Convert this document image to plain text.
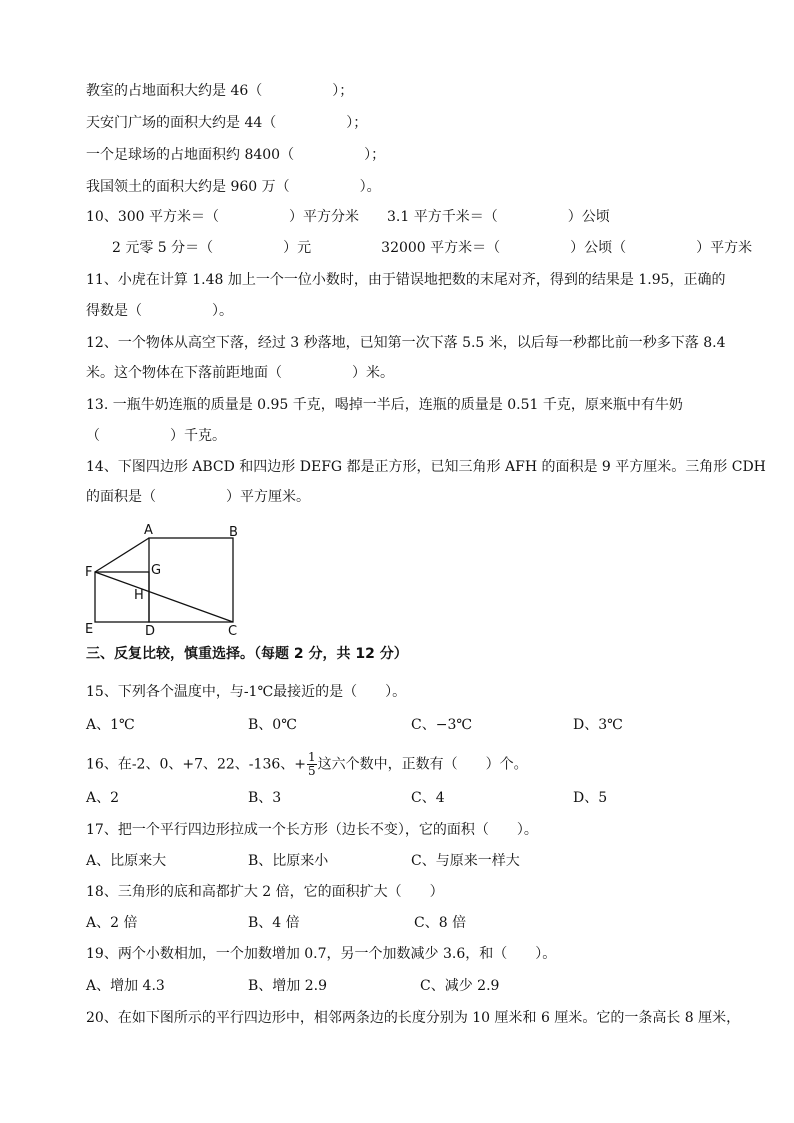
教室的占地面积大约是 46（　　　　　）；
天安门广场的面积大约是 44（　　　　　）；
一个足球场的占地面积约 8400（　　　　　）；
我国领土的面积大约是 960 万（　　　　　）。
10、300 平方米＝（　　　　　）平方分米　　3.1 平方千米＝（　　　　　）公顷
2 元零 5 分＝（　　　　　）元　　　　　32000 平方米＝（　　　　　）公顷（　　　　　）平方米
11、小虎在计算 1.48 加上一个一位小数时，由于错误地把数的末尾对齐，得到的结果是 1.95，正确的
得数是（　　　　　）。
12、一个物体从高空下落，经过 3 秒落地，已知第一次下落 5.5 米，以后每一秒都比前一秒多下落 8.4
米。这个物体在下落前距地面（　　　　　）米。
13. 一瓶牛奶连瓶的质量是 0.95 千克，喝掉一半后，连瓶的质量是 0.51 千克，原来瓶中有牛奶
（　　　　　）千克。
14、下图四边形 ABCD 和四边形 DEFG 都是正方形，已知三角形 AFH 的面积是 9 平方厘米。三角形 CDH
的面积是（　　　　　）平方厘米。
A	B
F	G
H
E	D	C
三、反复比较，慎重选择。（每题 2 分，共 12 分）
15、下列各个温度中，与-1℃最接近的是（　　）。
A、1℃	B、0℃	C、−3℃	D、3℃
16、在-2、0、+7、22、-136、+ $\frac{1}{5}$ 这六个数中，正数有（　　）个。
A、2	B、3	C、4	D、5
17、把一个平行四边形拉成一个长方形（边长不变），它的面积（　　）。
A、比原来大	B、比原来小	C、与原来一样大
18、三角形的底和高都扩大 2 倍，它的面积扩大（　　）
A、2 倍	B、4 倍	C、8 倍
19、两个小数相加，一个加数增加 0.7，另一个加数减少 3.6，和（　　）。
A、增加 4.3	B、增加 2.9	C、减少 2.9
20、在如下图所示的平行四边形中，相邻两条边的长度分别为 10 厘米和 6 厘米。它的一条高长 8 厘米，
